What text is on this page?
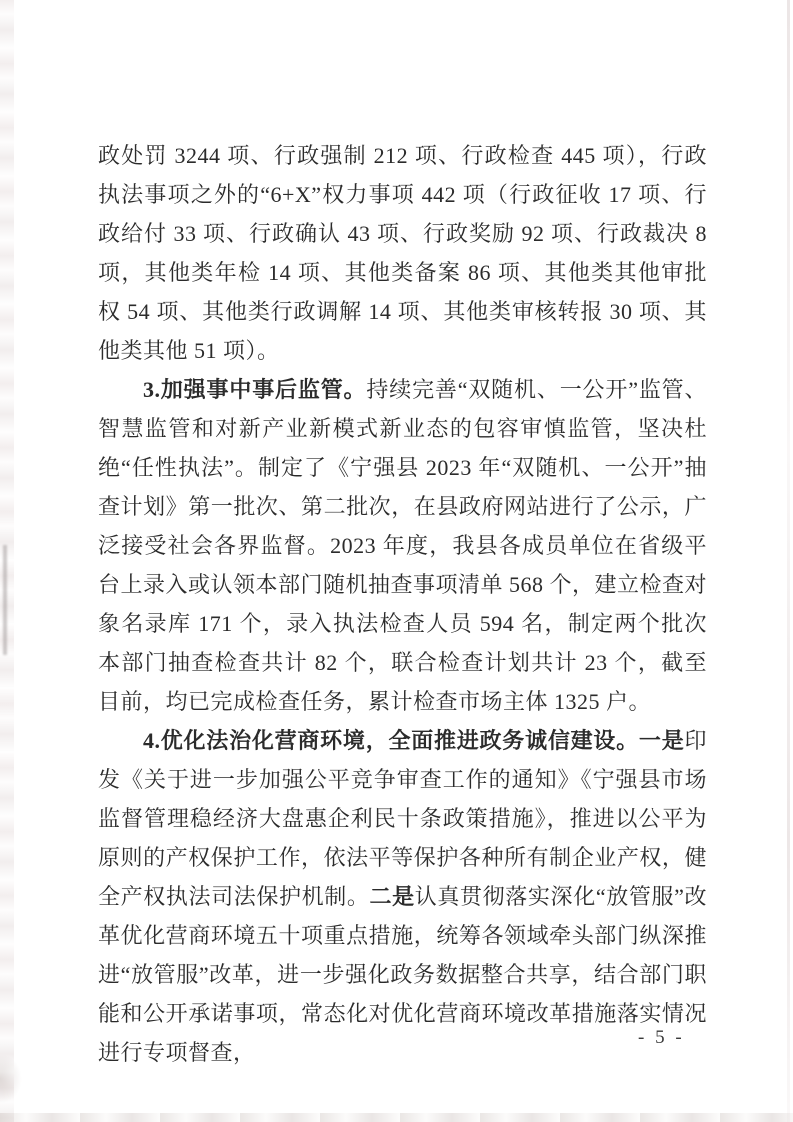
政处罚 3244 项、行政强制 212 项、行政检查 445 项），行政执法事项之外的“6+X”权力事项 442 项（行政征收 17 项、行政给付 33 项、行政确认 43 项、行政奖励 92 项、行政裁决 8 项，其他类年检 14 项、其他类备案 86 项、其他类其他审批权 54 项、其他类行政调解 14 项、其他类审核转报 30 项、其他类其他 51 项）。

3.加强事中事后监管。持续完善“双随机、一公开”监管、智慧监管和对新产业新模式新业态的包容审慎监管，坚决杜绝“任性执法”。制定了《宁强县 2023 年“双随机、一公开”抽查计划》第一批次、第二批次，在县政府网站进行了公示，广泛接受社会各界监督。2023 年度，我县各成员单位在省级平台上录入或认领本部门随机抽查事项清单 568 个，建立检查对象名录库 171 个，录入执法检查人员 594 名，制定两个批次本部门抽查检查共计 82 个，联合检查计划共计 23 个，截至目前，均已完成检查任务，累计检查市场主体 1325 户。

4.优化法治化营商环境，全面推进政务诚信建设。一是印发《关于进一步加强公平竞争审查工作的通知》《宁强县市场监督管理稳经济大盘惠企利民十条政策措施》，推进以公平为原则的产权保护工作，依法平等保护各种所有制企业产权，健全产权执法司法保护机制。二是认真贯彻落实深化“放管服”改革优化营商环境五十项重点措施，统筹各领域牵头部门纵深推进“放管服”改革，进一步强化政务数据整合共享，结合部门职能和公开承诺事项，常态化对优化营商环境改革措施落实情况进行专项督查，

- 5 -
